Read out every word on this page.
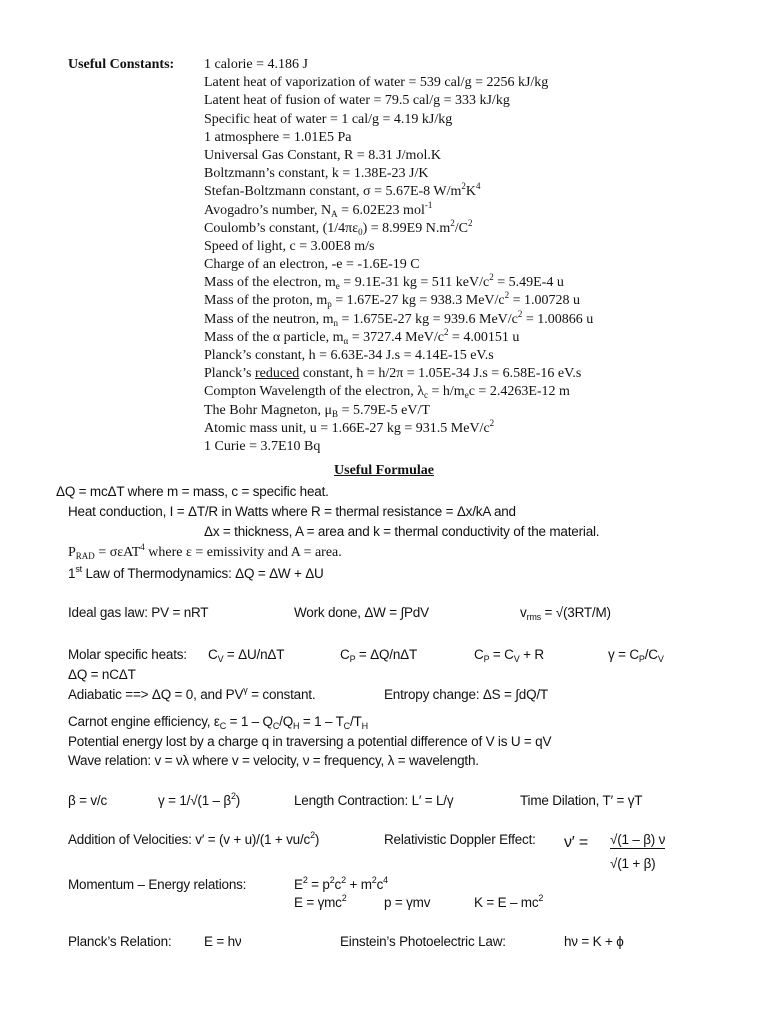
Useful Constants: 1 calorie = 4.186 J
Latent heat of vaporization of water = 539 cal/g = 2256 kJ/kg
Latent heat of fusion of water = 79.5 cal/g = 333 kJ/kg
Specific heat of water = 1 cal/g = 4.19 kJ/kg
1 atmosphere = 1.01E5 Pa
Universal Gas Constant, R = 8.31 J/mol.K
Boltzmann’s constant, k = 1.38E-23 J/K
Stefan-Boltzmann constant, σ = 5.67E-8 $W/m^2K^4$
Avogadro’s number, $N_A = 6.02E23$ mol$^{-1}$
Coulomb’s constant, $(1/4\pi\varepsilon_0) = 8.99E9$ $N.m^2/C^2$
Speed of light, c = 3.00E8 m/s
Charge of an electron, -e = -1.6E-19 C
Mass of the electron, $m_e = 9.1E-31$ kg = 511 keV/$c^2 = 5.49E-4$ u
Mass of the proton, $m_p = 1.67E-27$ kg = 938.3 MeV/$c^2 = 1.00728$ u
Mass of the neutron, $m_n = 1.675E-27$ kg = 939.6 MeV/$c^2 = 1.00866$ u
Mass of the α particle, $m_\alpha = 3727.4$ MeV/$c^2 = 4.00151$ u
Planck’s constant, h = 6.63E-34 J.s = 4.14E-15 eV.s
Planck’s reduced constant, ħ = h/2π = 1.05E-34 J.s = 6.58E-16 eV.s
Compton Wavelength of the electron, $\lambda_c = h/m_ec = 2.4263E-12$ m
The Bohr Magneton, $\mu_B = 5.79E-5$ eV/T
Atomic mass unit, u = 1.66E-27 kg = 931.5 MeV/$c^2$
1 Curie = 3.7E10 Bq
Useful Formulae
ΔQ = mcΔT where m = mass, c = specific heat.
Heat conduction, I = ΔT/R in Watts where R = thermal resistance = Δx/kA and
Δx = thickness, A = area and k = thermal conductivity of the material.
$P_{RAD} = \sigma\varepsilon AT^4$ where ε = emissivity and A = area.
1st Law of Thermodynamics: ΔQ = ΔW + ΔU
Ideal gas law: PV = nRT	Work done, ΔW = ∫PdV	$v_{rms} = √(3RT/M)$
Molar specific heats: $C_V = \Delta U/n\Delta T$	$C_P = \Delta Q/n\Delta T$	$C_P = C_V + R$	$\gamma = C_P/C_V$
ΔQ = nCΔT
Adiabatic ==> ΔQ = 0, and $PV^\gamma$ = constant.	Entropy change: ΔS = ∫dQ/T
Carnot engine efficiency, $\varepsilon_C = 1 - Q_C/Q_H = 1 - T_C/T_H$
Potential energy lost by a charge q in traversing a potential difference of V is U = qV
Wave relation: v = νλ where v = velocity, ν = frequency, λ = wavelength.
β = v/c	$\gamma = 1/√(1 - \beta^2)$	Length Contraction: L′ = L/γ	Time Dilation, T′ = γT
Addition of Velocities: $v' = (v + u)/(1 + vu/c^2)$	Relativistic Doppler Effect: ν′ = √(1 – β) ν
√(1 + β)
Momentum – Energy relations:	$E^2 = p^2c^2 + m^2c^4$
E = γmc$^2$	p = γmv	$K = E - mc^2$
Planck’s Relation: E = hν	Einstein’s Photoelectric Law:	hν = K + ϕ
